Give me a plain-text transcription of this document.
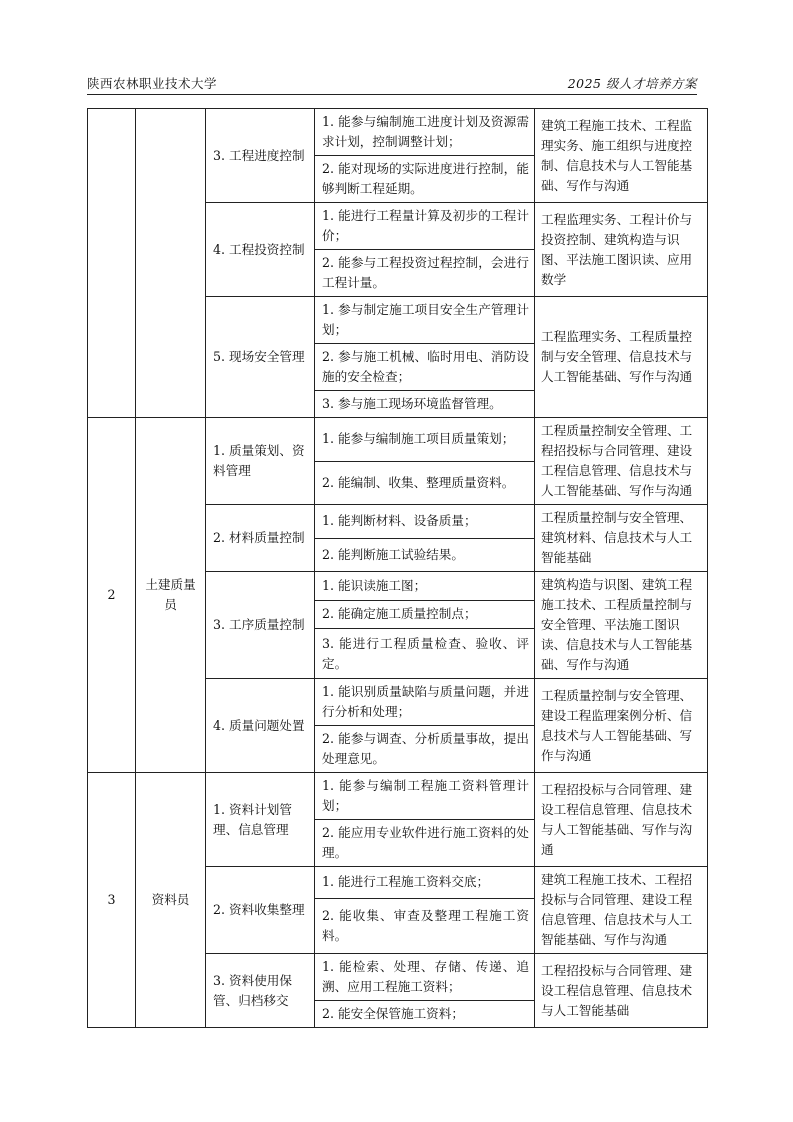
陕西农林职业技术大学	2025 级人才培养方案
		3. 工程进度控制	1. 能参与编制施工进度计划及资源需求计划，控制调整计划；	建筑工程施工技术、工程监理实务、施工组织与进度控制、信息技术与人工智能基础、写作与沟通
			2. 能对现场的实际进度进行控制，能够判断工程延期。	
		4. 工程投资控制	1. 能进行工程量计算及初步的工程计价；	工程监理实务、工程计价与投资控制、建筑构造与识图、平法施工图识读、应用数学
			2. 能参与工程投资过程控制，会进行工程计量。	
		5. 现场安全管理	1. 参与制定施工项目安全生产管理计划；	工程监理实务、工程质量控制与安全管理、信息技术与人工智能基础、写作与沟通
			2. 参与施工机械、临时用电、消防设施的安全检查；	
			3. 参与施工现场环境监督管理。	
2	土建质量员	1. 质量策划、资料管理	1. 能参与编制施工项目质量策划；	工程质量控制安全管理、工程招投标与合同管理、建设工程信息管理、信息技术与人工智能基础、写作与沟通
			2. 能编制、收集、整理质量资料。	
		2. 材料质量控制	1. 能判断材料、设备质量；	工程质量控制与安全管理、建筑材料、信息技术与人工智能基础
			2. 能判断施工试验结果。	
		3. 工序质量控制	1. 能识读施工图；	建筑构造与识图、建筑工程施工技术、工程质量控制与安全管理、平法施工图识读、信息技术与人工智能基础、写作与沟通
			2. 能确定施工质量控制点；	
			3. 能进行工程质量检查、验收、评定。	
		4. 质量问题处置	1. 能识别质量缺陷与质量问题，并进行分析和处理；	工程质量控制与安全管理、建设工程监理案例分析、信息技术与人工智能基础、写作与沟通
			2. 能参与调查、分析质量事故，提出处理意见。	
3	资料员	1. 资料计划管理、信息管理	1. 能参与编制工程施工资料管理计划；	工程招投标与合同管理、建设工程信息管理、信息技术与人工智能基础、写作与沟通
			2. 能应用专业软件进行施工资料的处理。	
		2. 资料收集整理	1. 能进行工程施工资料交底；	建筑工程施工技术、工程招投标与合同管理、建设工程信息管理、信息技术与人工智能基础、写作与沟通
			2. 能收集、审查及整理工程施工资料。	
		3. 资料使用保管、归档移交	1. 能检索、处理、存储、传递、追溯、应用工程施工资料；	工程招投标与合同管理、建设工程信息管理、信息技术与人工智能基础
			2. 能安全保管施工资料；	
